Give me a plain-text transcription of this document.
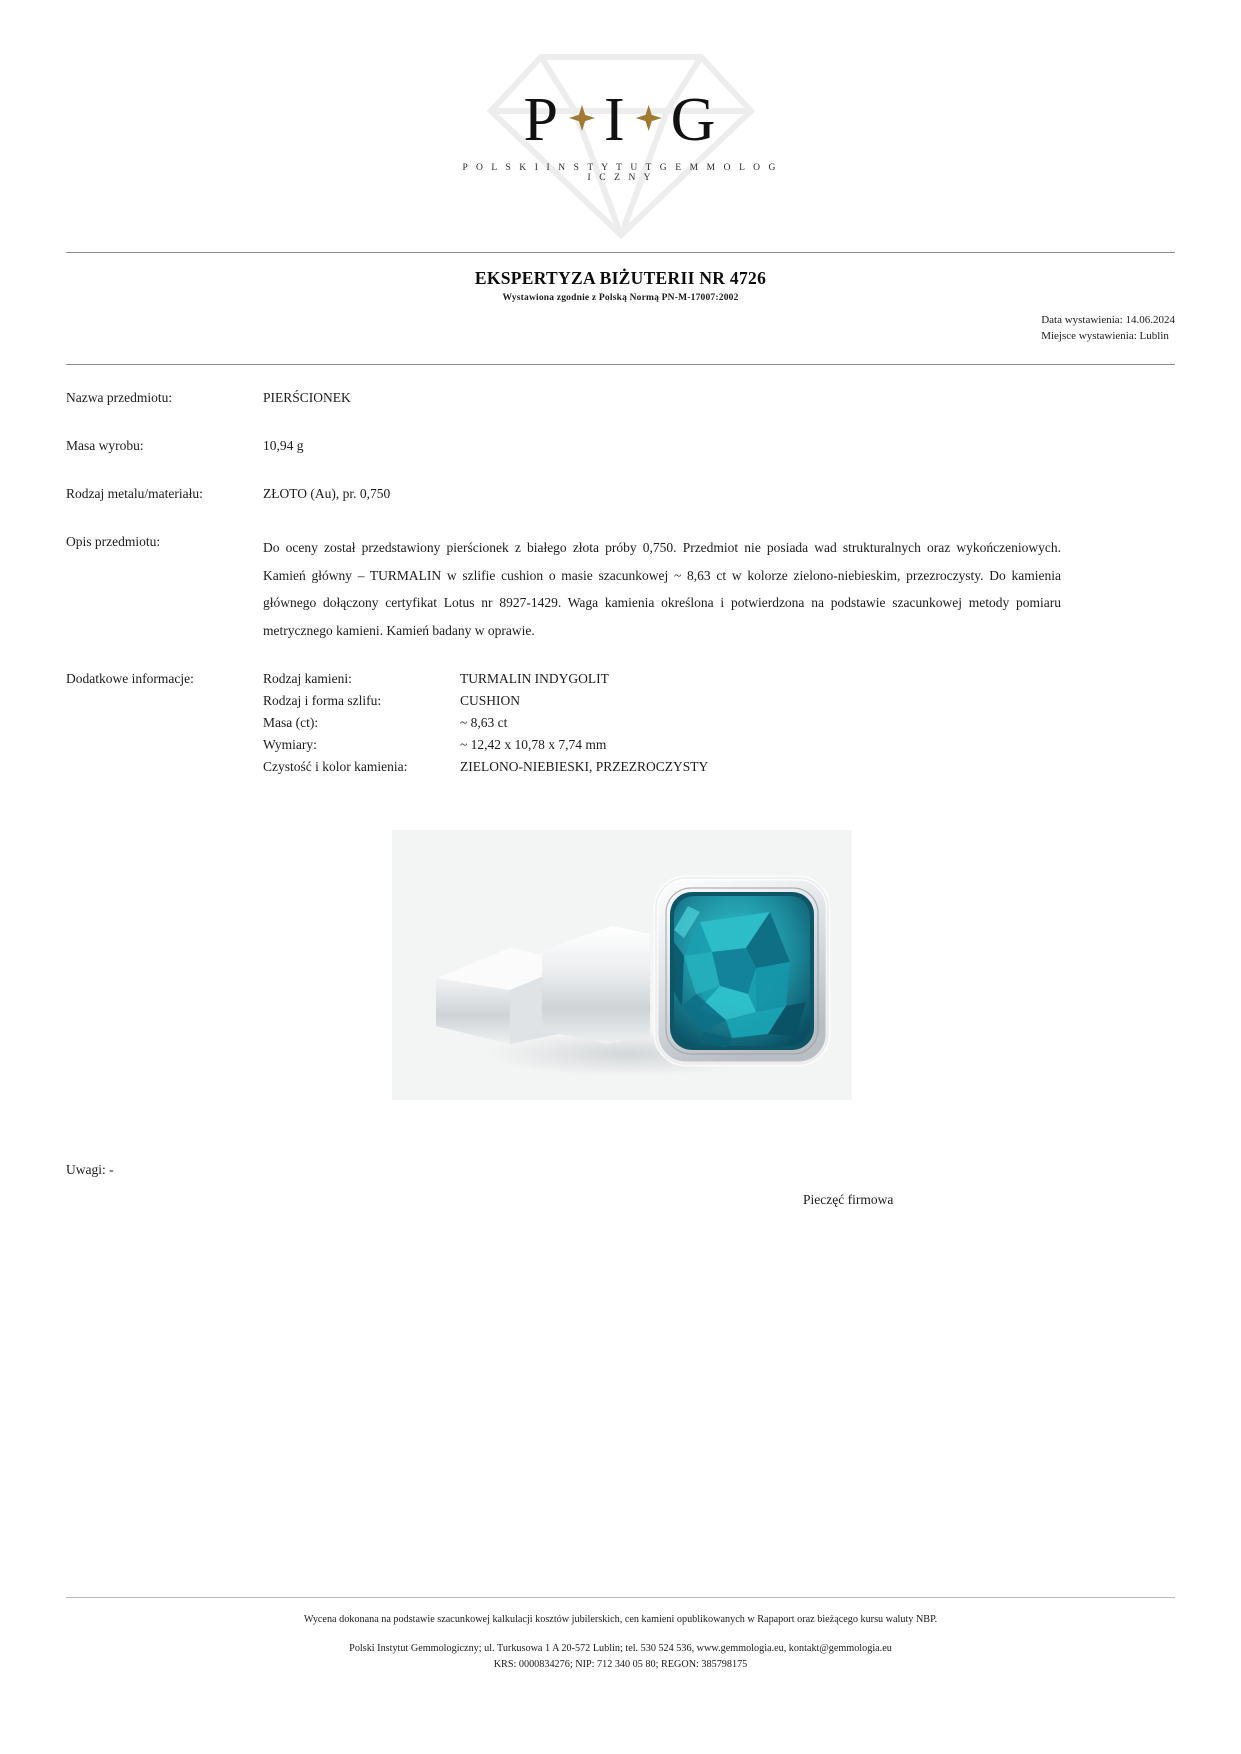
P I G
P O L S K I I N S T Y T U T G E M M O L O G I C Z N Y
EKSPERTYZA BIŻUTERII NR 4726
Wystawiona zgodnie z Polską Normą PN-M-17007:2002
Data wystawienia: 14.06.2024
Miejsce wystawienia: Lublin
Nazwa przedmiotu:	PIERŚCIONEK
Masa wyrobu:	10,94 g
Rodzaj metalu/materiału:	ZŁOTO (Au), pr. 0,750
Opis przedmiotu:	Do oceny został przedstawiony pierścionek z białego złota próby 0,750. Przedmiot nie posiada wad strukturalnych oraz wykończeniowych. Kamień główny – TURMALIN w szlifie cushion o masie szacunkowej ~ 8,63 ct w kolorze zielono-niebieskim, przezroczysty. Do kamienia głównego dołączony certyfikat Lotus nr 8927-1429. Waga kamienia określona i potwierdzona na podstawie szacunkowej metody pomiaru metrycznego kamieni. Kamień badany w oprawie.
Dodatkowe informacje:	Rodzaj kamieni:	TURMALIN INDYGOLIT
Rodzaj i forma szlifu:	CUSHION
Masa (ct):	~ 8,63 ct
Wymiary:	~ 12,42 x 10,78 x 7,74 mm
Czystość i kolor kamienia:	ZIELONO-NIEBIESKI, PRZEZROCZYSTY
Uwagi: -
Pieczęć firmowa
Wycena dokonana na podstawie szacunkowej kalkulacji kosztów jubilerskich, cen kamieni opublikowanych w Rapaport oraz bieżącego kursu waluty NBP.
Polski Instytut Gemmologiczny; ul. Turkusowa 1 A 20-572 Lublin; tel. 530 524 536, www.gemmologia.eu, kontakt@gemmologia.eu
KRS: 0000834276; NIP: 712 340 05 80; REGON: 385798175
